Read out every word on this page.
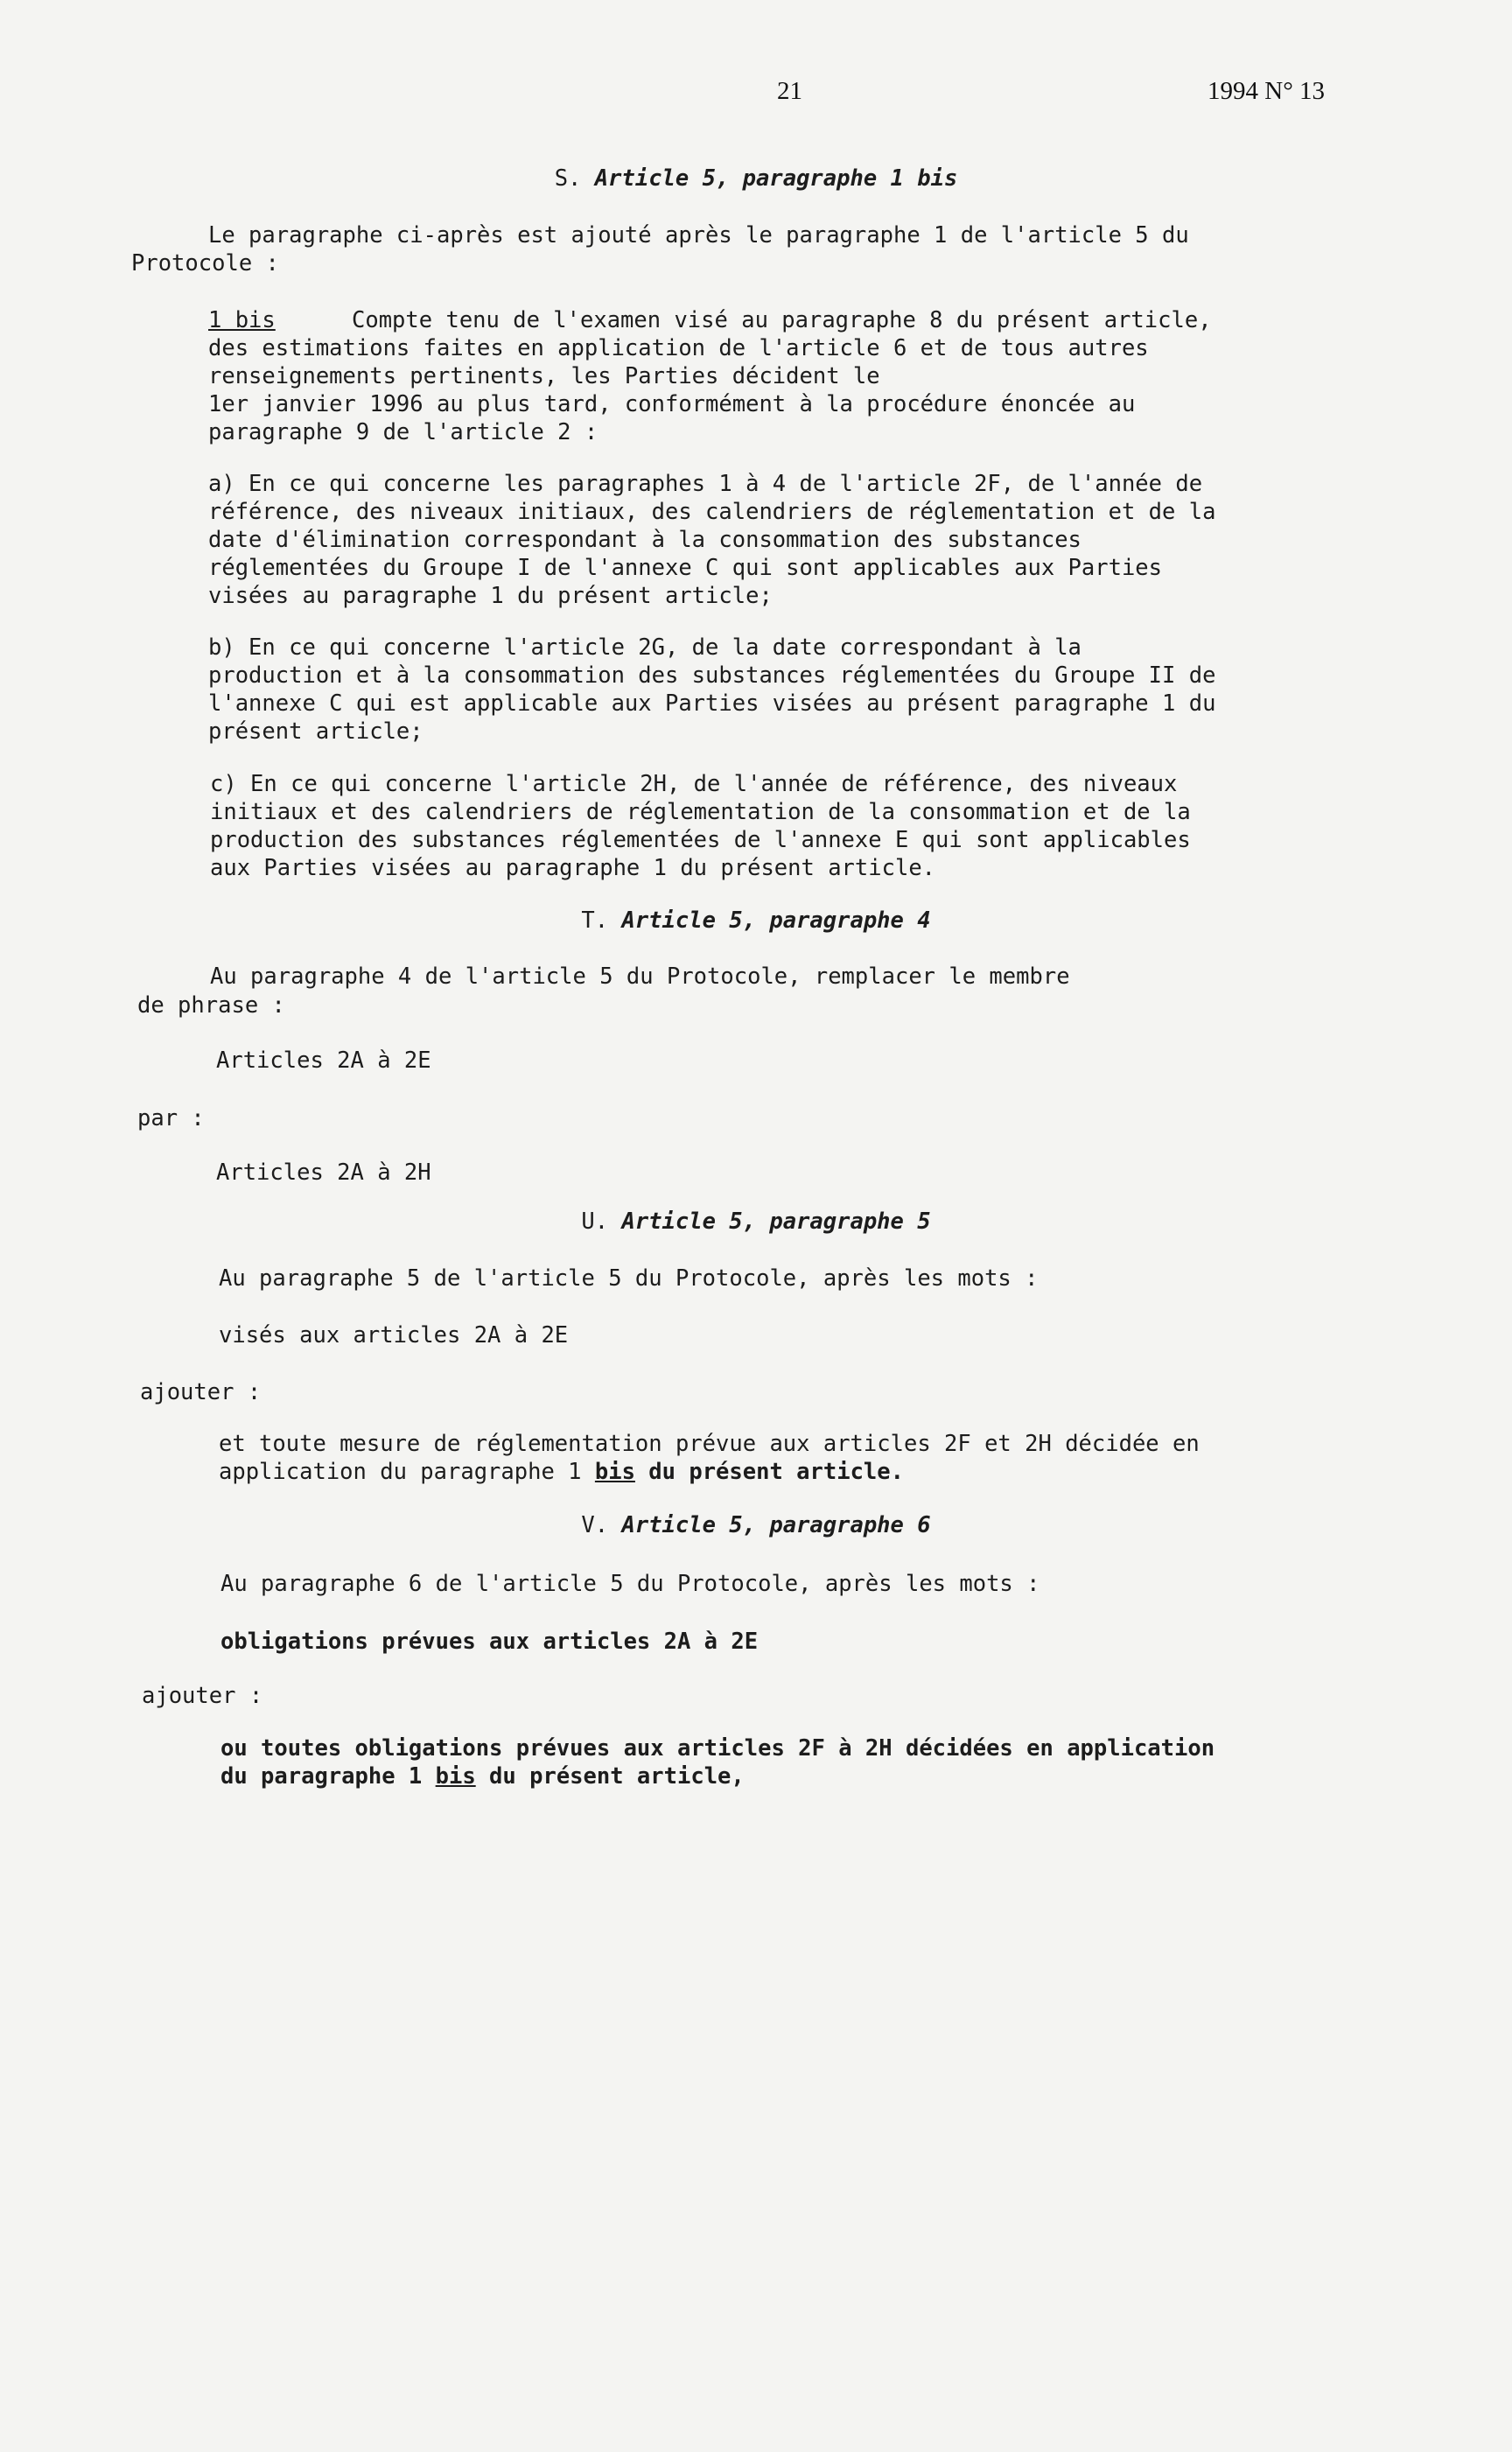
21	1994 N° 13
S. Article 5, paragraphe 1 bis
Le paragraphe ci-après est ajouté après le paragraphe 1 de l'article 5 du
Protocole :
1 bis	Compte tenu de l'examen visé au paragraphe 8 du présent article,
des estimations faites en application de l'article 6 et de tous autres
renseignements pertinents, les Parties décident le
1er janvier 1996 au plus tard, conformément à la procédure énoncée au
paragraphe 9 de l'article 2 :
a) En ce qui concerne les paragraphes 1 à 4 de l'article 2F, de l'année de
référence, des niveaux initiaux, des calendriers de réglementation et de la
date d'élimination correspondant à la consommation des substances
réglementées du Groupe I de l'annexe C qui sont applicables aux Parties
visées au paragraphe 1 du présent article;
b) En ce qui concerne l'article 2G, de la date correspondant à la
production et à la consommation des substances réglementées du Groupe II de
l'annexe C qui est applicable aux Parties visées au présent paragraphe 1 du
présent article;
c) En ce qui concerne l'article 2H, de l'année de référence, des niveaux
initiaux et des calendriers de réglementation de la consommation et de la
production des substances réglementées de l'annexe E qui sont applicables
aux Parties visées au paragraphe 1 du présent article.
T. Article 5, paragraphe 4
Au paragraphe 4 de l'article 5 du Protocole, remplacer le membre
de phrase :
Articles 2A à 2E
par :
Articles 2A à 2H
U. Article 5, paragraphe 5
Au paragraphe 5 de l'article 5 du Protocole, après les mots :
visés aux articles 2A à 2E
ajouter :
et toute mesure de réglementation prévue aux articles 2F et 2H décidée en
application du paragraphe 1 bis du présent article.
V. Article 5, paragraphe 6
Au paragraphe 6 de l'article 5 du Protocole, après les mots :
obligations prévues aux articles 2A à 2E
ajouter :
ou toutes obligations prévues aux articles 2F à 2H décidées en application
du paragraphe 1 bis du présent article,
